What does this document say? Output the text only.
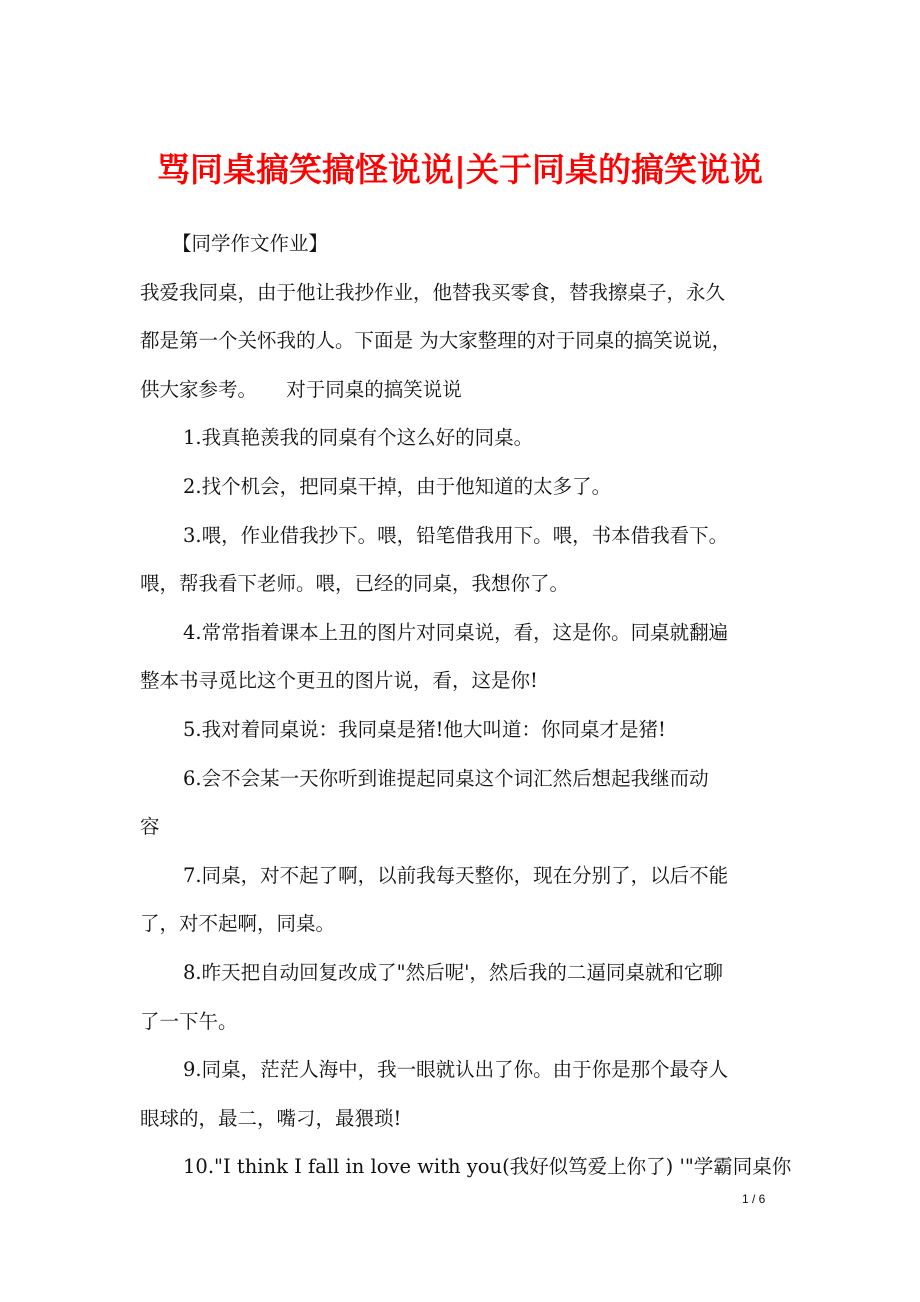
骂同桌搞笑搞怪说说|关于同桌的搞笑说说
【同学作文作业】
我爱我同桌，由于他让我抄作业，他替我买零食，替我擦桌子，永久
都是第一个关怀我的人。下面是 为大家整理的对于同桌的搞笑说说，
供大家参考。　　对于同桌的搞笑说说
1.我真艳羡我的同桌有个这么好的同桌。
2.找个机会，把同桌干掉，由于他知道的太多了。
3.喂，作业借我抄下。喂，铅笔借我用下。喂，书本借我看下。
喂，帮我看下老师。喂，已经的同桌，我想你了。
4.常常指着课本上丑的图片对同桌说，看，这是你。同桌就翻遍
整本书寻觅比这个更丑的图片说，看，这是你!
5.我对着同桌说：我同桌是猪!他大叫道：你同桌才是猪!
6.会不会某一天你听到谁提起同桌这个词汇然后想起我继而动
容
7.同桌，对不起了啊，以前我每天整你，现在分别了，以后不能
了，对不起啊，同桌。
8.昨天把自动回复改成了"然后呢'，然后我的二逼同桌就和它聊
了一下午。
9.同桌，茫茫人海中，我一眼就认出了你。由于你是那个最夺人
眼球的，最二，嘴刁，最猥琐!
10."I think I fall in love with you(我好似笃爱上你了) '"学霸同桌你
1 / 6
